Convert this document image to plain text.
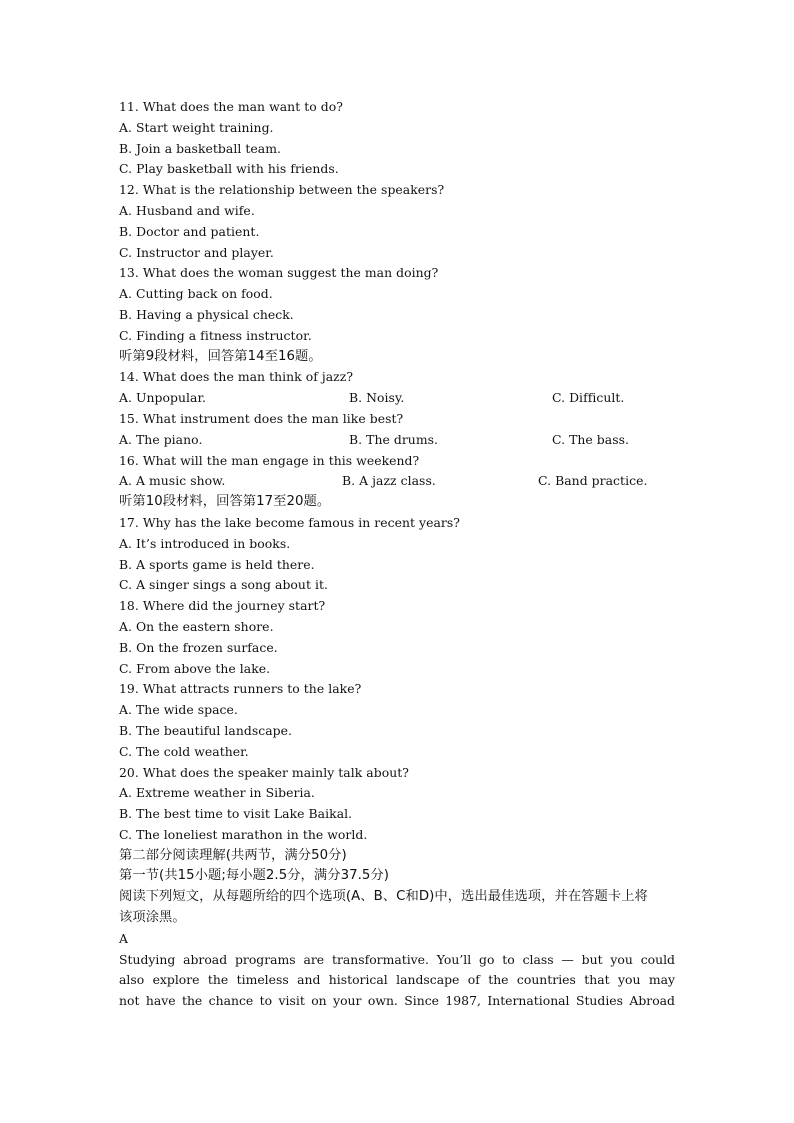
11. What does the man want to do?
A. Start weight training.
B. Join a basketball team.
C. Play basketball with his friends.
12. What is the relationship between the speakers?
A. Husband and wife.
B. Doctor and patient.
C. Instructor and player.
13. What does the woman suggest the man doing?
A. Cutting back on food.
B. Having a physical check.
C. Finding a fitness instructor.
听第9段材料，回答第14至16题。
14. What does the man think of jazz?
A. Unpopular.	B. Noisy.	C. Difficult.
15. What instrument does the man like best?
A. The piano.	B. The drums.	C. The bass.
16. What will the man engage in this weekend?
A. A music show.	B. A jazz class.	C. Band practice.
听第10段材料，回答第17至20题。
17. Why has the lake become famous in recent years?
A. It’s introduced in books.
B. A sports game is held there.
C. A singer sings a song about it.
18. Where did the journey start?
A. On the eastern shore.
B. On the frozen surface.
C. From above the lake.
19. What attracts runners to the lake?
A. The wide space.
B. The beautiful landscape.
C. The cold weather.
20. What does the speaker mainly talk about?
A. Extreme weather in Siberia.
B. The best time to visit Lake Baikal.
C. The loneliest marathon in the world.
第二部分阅读理解(共两节，满分50分)
第一节(共15小题;每小题2.5分，满分37.5分)
阅读下列短文，从每题所给的四个选项(A、B、C和D)中，选出最佳选项，并在答题卡上将
该项涂黑。
A
Studying abroad programs are transformative. You’ll go to class — but you could
also explore the timeless and historical landscape of the countries that you may
not have the chance to visit on your own. Since 1987, International Studies Abroad
